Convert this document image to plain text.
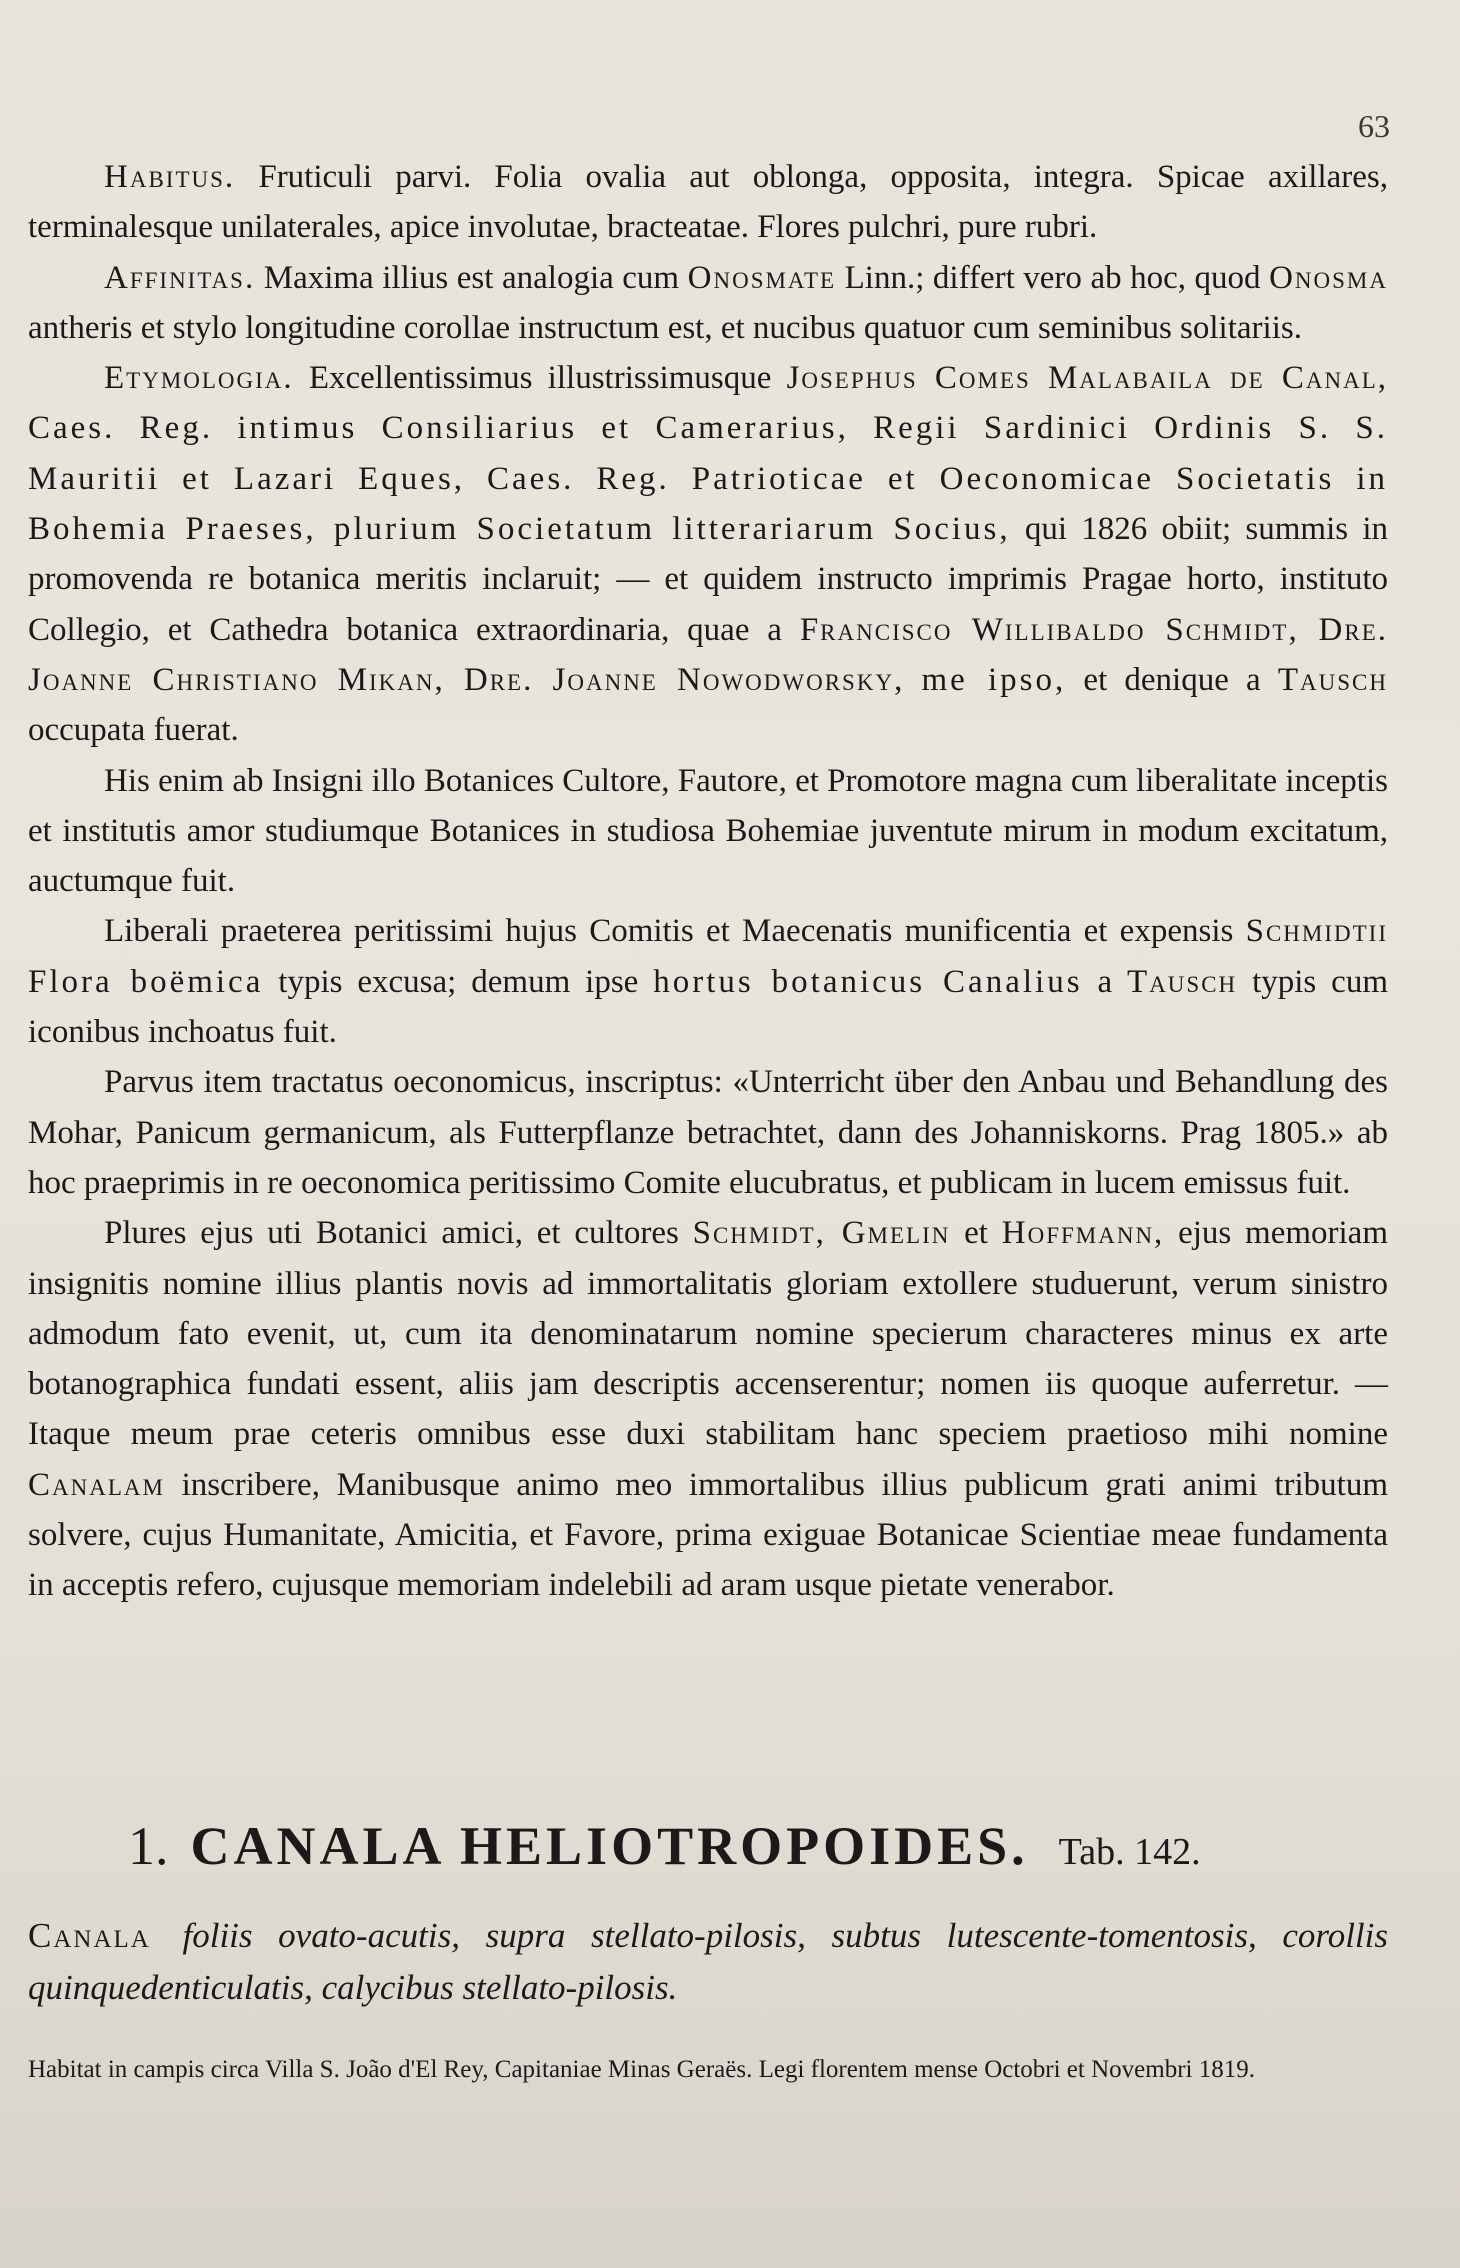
63

Habitus. Fruticuli parvi. Folia ovalia aut oblonga, opposita, integra. Spicae axillares, terminalesque unilaterales, apice involutae, bracteatae. Flores pulchri, pure rubri.

Affinitas. Maxima illius est analogia cum Onosmate Linn.; differt vero ab hoc, quod Onosma antheris et stylo longitudine corollae instructum est, et nucibus quatuor cum seminibus solitariis.

Etymologia. Excellentissimus illustrissimusque Josephus Comes Malabaila de Canal, Caes. Reg. intimus Consiliarius et Camerarius, Regii Sardinici Ordinis S. S. Mauritii et Lazari Eques, Caes. Reg. Patrioticae et Oeconomicae Societatis in Bohemia Praeses, plurium Societatum litterariarum Socius, qui 1826 obiit; summis in promovenda re botanica meritis inclaruit; — et quidem instructo imprimis Pragae horto, instituto Collegio, et Cathedra botanica extraordinaria, quae a Francisco Willibaldo Schmidt, Dre. Joanne Christiano Mikan, Dre. Joanne Nowodworsky, me ipso, et denique a Tausch occupata fuerat.

His enim ab Insigni illo Botanices Cultore, Fautore, et Promotore magna cum liberalitate inceptis et institutis amor studiumque Botanices in studiosa Bohemiae juventute mirum in modum excitatum, auctumque fuit.

Liberali praeterea peritissimi hujus Comitis et Maecenatis munificentia et expensis Schmidtii Flora boëmica typis excusa; demum ipse hortus botanicus Canalius a Tausch typis cum iconibus inchoatus fuit.

Parvus item tractatus oeconomicus, inscriptus: «Unterricht über den Anbau und Behandlung des Mohar, Panicum germanicum, als Futterpflanze betrachtet, dann des Johanniskorns. Prag 1805.» ab hoc praeprimis in re oeconomica peritissimo Comite elucubratus, et publicam in lucem emissus fuit.

Plures ejus uti Botanici amici, et cultores Schmidt, Gmelin et Hoffmann, ejus memoriam insignitis nomine illius plantis novis ad immortalitatis gloriam extollere studuerunt, verum sinistro admodum fato evenit, ut, cum ita denominatarum nomine specierum characteres minus ex arte botanographica fundati essent, aliis jam descriptis accenserentur; nomen iis quoque auferretur. — Itaque meum prae ceteris omnibus esse duxi stabilitam hanc speciem praetioso mihi nomine Canalam inscribere, Manibusque animo meo immortalibus illius publicum grati animi tributum solvere, cujus Humanitate, Amicitia, et Favore, prima exiguae Botanicae Scientiae meae fundamenta in acceptis refero, cujusque memoriam indelebili ad aram usque pietate venerabor.

1. CANALA HELIOTROPOIDES. Tab. 142.
Canala foliis ovato-acutis, supra stellato-pilosis, subtus lutescente-tomentosis, corollis quinquedenticulatis, calycibus stellato-pilosis.
Habitat in campis circa Villa S. João d'El Rey, Capitaniae Minas Geraës. Legi florentem mense Octobri et Novembri 1819.
